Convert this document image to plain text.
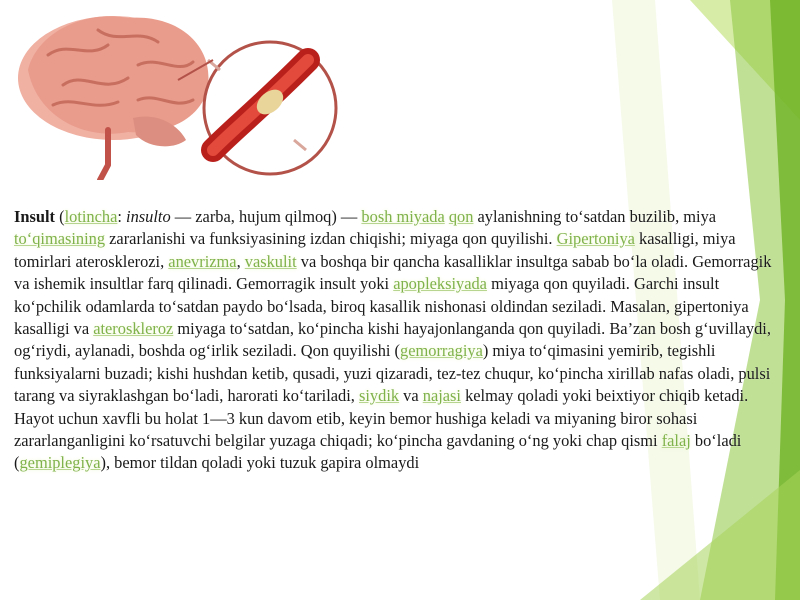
Insult (lotincha: insulto — zarba, hujum qilmoq) — bosh miyada qon aylanishning to‘satdan buzilib, miya to‘qimasining zararlanishi va funksiyasining izdan chiqishi; miyaga qon quyilishi. Gipertoniya kasalligi, miya tomirlari aterosklerozi, anevrizma, vaskulit va boshqa bir qancha kasalliklar insultga sabab bo‘la oladi. Gemorragik va ishemik insultlar farq qilinadi. Gemorragik insult yoki apopleksiyada miyaga qon quyiladi. Garchi insult ko‘pchilik odamlarda to‘satdan paydo bo‘lsada, biroq kasallik nishonasi oldindan seziladi. Masalan, gipertoniya kasalligi va ateroskleroz miyaga to‘satdan, ko‘pincha kishi hayajonlanganda qon quyiladi. Ba’zan bosh g‘uvillaydi, og‘riydi, aylanadi, boshda og‘irlik seziladi. Qon quyilishi (gemorragiya) miya to‘qimasini yemirib, tegishli funksiyalarni buzadi; kishi hushdan ketib, qusadi, yuzi qizaradi, tez-tez chuqur, ko‘pincha xirillab nafas oladi, pulsi tarang va siyraklashgan bo‘ladi, harorati ko‘tariladi, siydik va najasi kelmay qoladi yoki beixtiyor chiqib ketadi. Hayot uchun xavfli bu holat 1—3 kun davom etib, keyin bemor hushiga keladi va miyaning biror sohasi zararlanganligini ko‘rsatuvchi belgilar yuzaga chiqadi; ko‘pincha gavdaning o‘ng yoki chap qismi falaj bo‘ladi (gemiplegiya), bemor tildan qoladi yoki tuzuk gapira olmaydi
